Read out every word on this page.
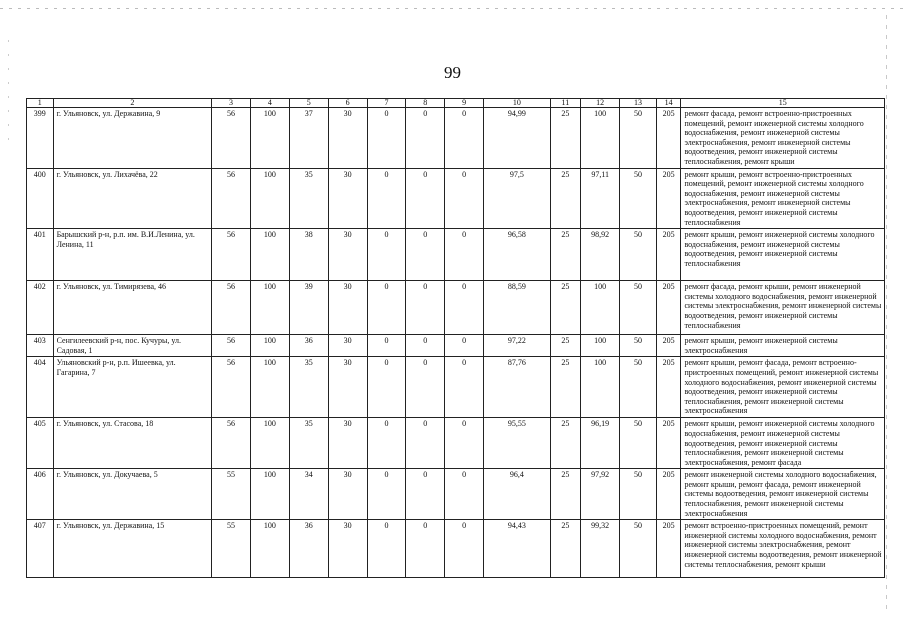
99
1	2	3	4	5	6	7	8	9	10	11	12	13	14	15
399	г. Ульяновск, ул. Державина, 9	56	100	37	30	0	0	0	94,99	25	100	50	205	ремонт фасада, ремонт встроенно-пристроенных помещений, ремонт инженерной системы холодного водоснабжения, ремонт инженерной системы электроснабжения, ремонт инженерной системы водоотведения, ремонт инженерной системы теплоснабжения, ремонт крыши
400	г. Ульяновск, ул. Лихачёва, 22	56	100	35	30	0	0	0	97,5	25	97,11	50	205	ремонт крыши, ремонт встроенно-пристроенных помещений, ремонт инженерной системы холодного водоснабжения, ремонт инженерной системы электроснабжения, ремонт инженерной системы водоотведения, ремонт инженерной системы теплоснабжения
401	Барышский р-н, р.п. им. В.И.Ленина, ул. Ленина, 11	56	100	38	30	0	0	0	96,58	25	98,92	50	205	ремонт крыши, ремонт инженерной системы холодного водоснабжения, ремонт инженерной системы водоотведения, ремонт инженерной системы теплоснабжения
402	г. Ульяновск, ул. Тимирязева, 46	56	100	39	30	0	0	0	88,59	25	100	50	205	ремонт фасада, ремонт крыши, ремонт инженерной системы холодного водоснабжения, ремонт инженерной системы электроснабжения, ремонт инженерной системы водоотведения, ремонт инженерной системы теплоснабжения
403	Сенгилеевский р-н, пос. Кучуры, ул. Садовая, 1	56	100	36	30	0	0	0	97,22	25	100	50	205	ремонт крыши, ремонт инженерной системы электроснабжения
404	Ульяновский р-н, р.п. Ишеевка, ул. Гагарина, 7	56	100	35	30	0	0	0	87,76	25	100	50	205	ремонт крыши, ремонт фасада, ремонт встроенно-пристроенных помещений, ремонт инженерной системы холодного водоснабжения, ремонт инженерной системы водоотведения, ремонт инженерной системы теплоснабжения, ремонт инженерной системы электроснабжения
405	г. Ульяновск, ул. Стасова, 18	56	100	35	30	0	0	0	95,55	25	96,19	50	205	ремонт крыши, ремонт инженерной системы холодного водоснабжения, ремонт инженерной системы водоотведения, ремонт инженерной системы теплоснабжения, ремонт инженерной системы электроснабжения, ремонт фасада
406	г. Ульяновск, ул. Докучаева, 5	55	100	34	30	0	0	0	96,4	25	97,92	50	205	ремонт инженерной системы холодного водоснабжения, ремонт крыши, ремонт фасада, ремонт инженерной системы водоотведения, ремонт инженерной системы теплоснабжения, ремонт инженерной системы электроснабжения
407	г. Ульяновск, ул. Державина, 15	55	100	36	30	0	0	0	94,43	25	99,32	50	205	ремонт встроенно-пристроенных помещений, ремонт инженерной системы холодного водоснабжения, ремонт инженерной системы электроснабжения, ремонт инженерной системы водоотведения, ремонт инженерной системы теплоснабжения, ремонт крыши
